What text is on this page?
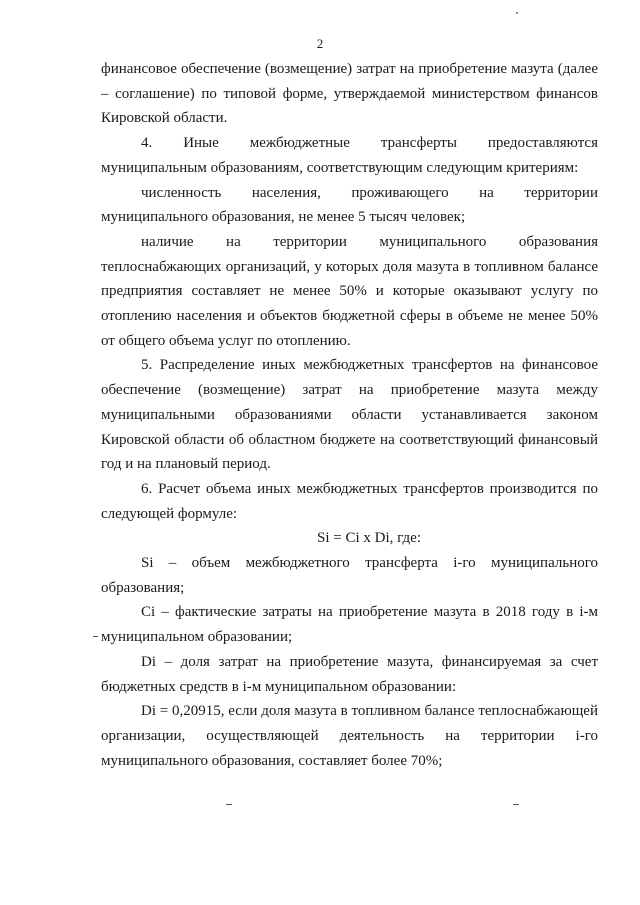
2

финансовое обеспечение (возмещение) затрат на приобретение мазута (далее – соглашение) по типовой форме, утверждаемой министерством финансов Кировской области.

4. Иные межбюджетные трансферты предоставляются муниципальным образованиям, соответствующим следующим критериям:

численность населения, проживающего на территории муниципального образования, не менее 5 тысяч человек;

наличие на территории муниципального образования теплоснабжающих организаций, у которых доля мазута в топливном балансе предприятия составляет не менее 50% и которые оказывают услугу по отоплению населения и объектов бюджетной сферы в объеме не менее 50% от общего объема услуг по отоплению.

5. Распределение иных межбюджетных трансфертов на финансовое обеспечение (возмещение) затрат на приобретение мазута между муниципальными образованиями области устанавливается законом Кировской области об областном бюджете на соответствующий финансовый год и на плановый период.

6. Расчет объема иных межбюджетных трансфертов производится по следующей формуле:

Si = Ci x Di, где:

Si – объем межбюджетного трансферта i-го муниципального образования;

Ci – фактические затраты на приобретение мазута в 2018 году в i-м муниципальном образовании;

Di – доля затрат на приобретение мазута, финансируемая за счет бюджетных средств в i-м муниципальном образовании:

Di = 0,20915, если доля мазута в топливном балансе теплоснабжающей организации, осуществляющей деятельность на территории i-го муниципального образования, составляет более 70%;
